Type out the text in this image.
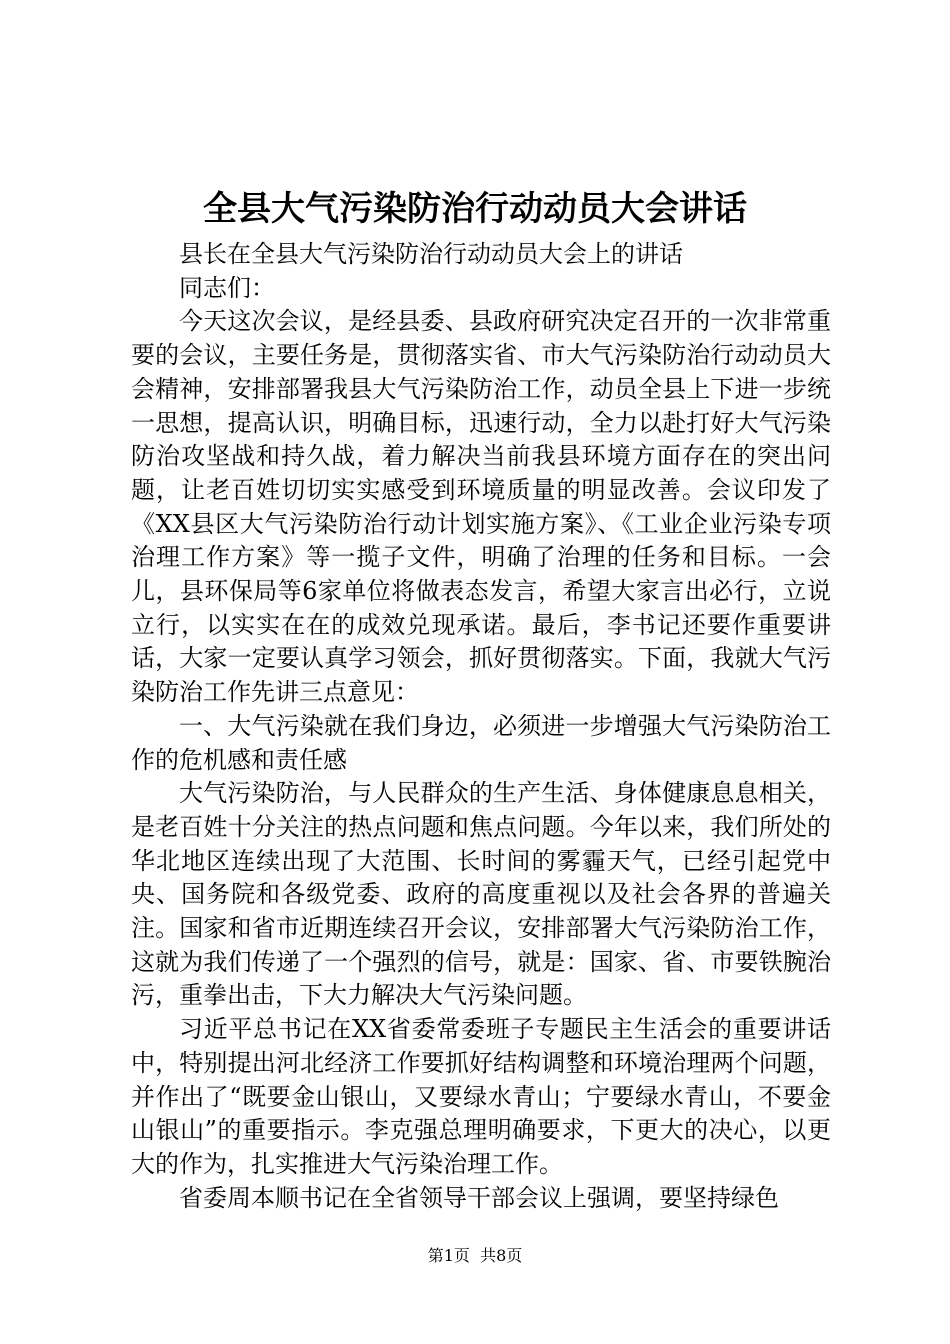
全县大气污染防治行动动员大会讲话

县长在全县大气污染防治行动动员大会上的讲话

同志们：

今天这次会议，是经县委、县政府研究决定召开的一次非常重要的会议，主要任务是，贯彻落实省、市大气污染防治行动动员大会精神，安排部署我县大气污染防治工作，动员全县上下进一步统一思想，提高认识，明确目标，迅速行动，全力以赴打好大气污染防治攻坚战和持久战，着力解决当前我县环境方面存在的突出问题，让老百姓切切实实感受到环境质量的明显改善。会议印发了《XX县区大气污染防治行动计划实施方案》、《工业企业污染专项治理工作方案》等一揽子文件，明确了治理的任务和目标。一会儿，县环保局等6家单位将做表态发言，希望大家言出必行，立说立行，以实实在在的成效兑现承诺。最后，李书记还要作重要讲话，大家一定要认真学习领会，抓好贯彻落实。下面，我就大气污染防治工作先讲三点意见：

一、大气污染就在我们身边，必须进一步增强大气污染防治工作的危机感和责任感

大气污染防治，与人民群众的生产生活、身体健康息息相关，是老百姓十分关注的热点问题和焦点问题。今年以来，我们所处的华北地区连续出现了大范围、长时间的雾霾天气，已经引起党中央、国务院和各级党委、政府的高度重视以及社会各界的普遍关注。国家和省市近期连续召开会议，安排部署大气污染防治工作，这就为我们传递了一个强烈的信号，就是：国家、省、市要铁腕治污，重拳出击，下大力解决大气污染问题。

习近平总书记在XX省委常委班子专题民主生活会的重要讲话中，特别提出河北经济工作要抓好结构调整和环境治理两个问题，并作出了“既要金山银山，又要绿水青山；宁要绿水青山，不要金山银山”的重要指示。李克强总理明确要求，下更大的决心，以更大的作为，扎实推进大气污染治理工作。

省委周本顺书记在全省领导干部会议上强调，要坚持绿色

第1页 共8页
